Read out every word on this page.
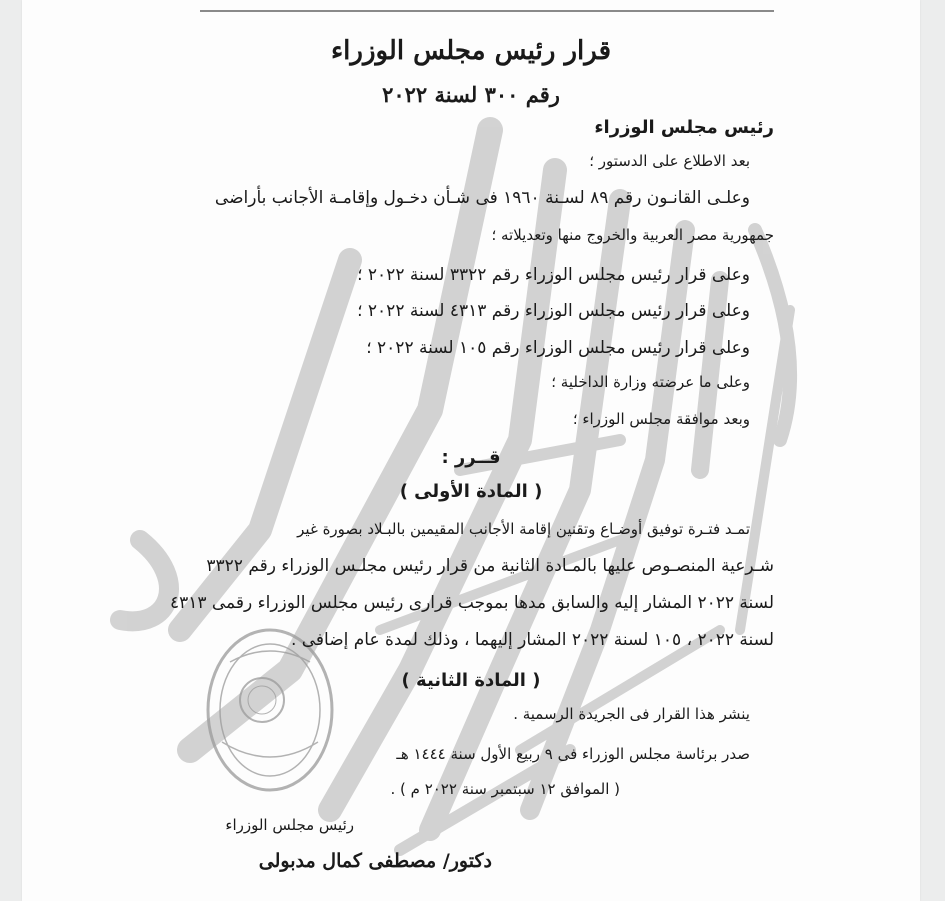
قرار رئيس مجلس الوزراء
رقم ٣٠٠ لسنة ٢٠٢٢
رئيس مجلس الوزراء
بعد الاطلاع على الدستور ؛
وعلـى القانـون رقم ٨٩ لسـنة ١٩٦٠ فى شـأن دخـول وإقامـة الأجانب بأراضى
جمهورية مصر العربية والخروج منها وتعديلاته ؛
وعلى قرار رئيس مجلس الوزراء رقم ٣٣٢٢ لسنة ٢٠٢٢ ؛
وعلى قرار رئيس مجلس الوزراء رقم ٤٣١٣ لسنة ٢٠٢٢ ؛
وعلى قرار رئيس مجلس الوزراء رقم ١٠٥ لسنة ٢٠٢٢ ؛
وعلى ما عرضته وزارة الداخلية ؛
وبعد موافقة مجلس الوزراء ؛
قــرر :
( المادة الأولى )
تمـد فتـرة توفيق أوضـاع وتقنين إقامة الأجانب المقيمين بالبـلاد بصورة غير
شـرعية المنصـوص عليها بالمـادة الثانية من قرار رئيس مجلـس الوزراء رقم ٣٣٢٢
لسنة ٢٠٢٢ المشار إليه والسابق مدها بموجب قرارى رئيس مجلس الوزراء رقمى ٤٣١٣
لسنة ٢٠٢٢ ، ١٠٥ لسنة ٢٠٢٢ المشار إليهما ، وذلك لمدة عام إضافى .
( المادة الثانية )
ينشر هذا القرار فى الجريدة الرسمية .
صدر برئاسة مجلس الوزراء فى ٩ ربيع الأول سنة ١٤٤٤ هـ
( الموافق ١٢ سبتمبر سنة ٢٠٢٢ م ) .
رئيس مجلس الوزراء
دكتور/ مصطفى كمال مدبولى
